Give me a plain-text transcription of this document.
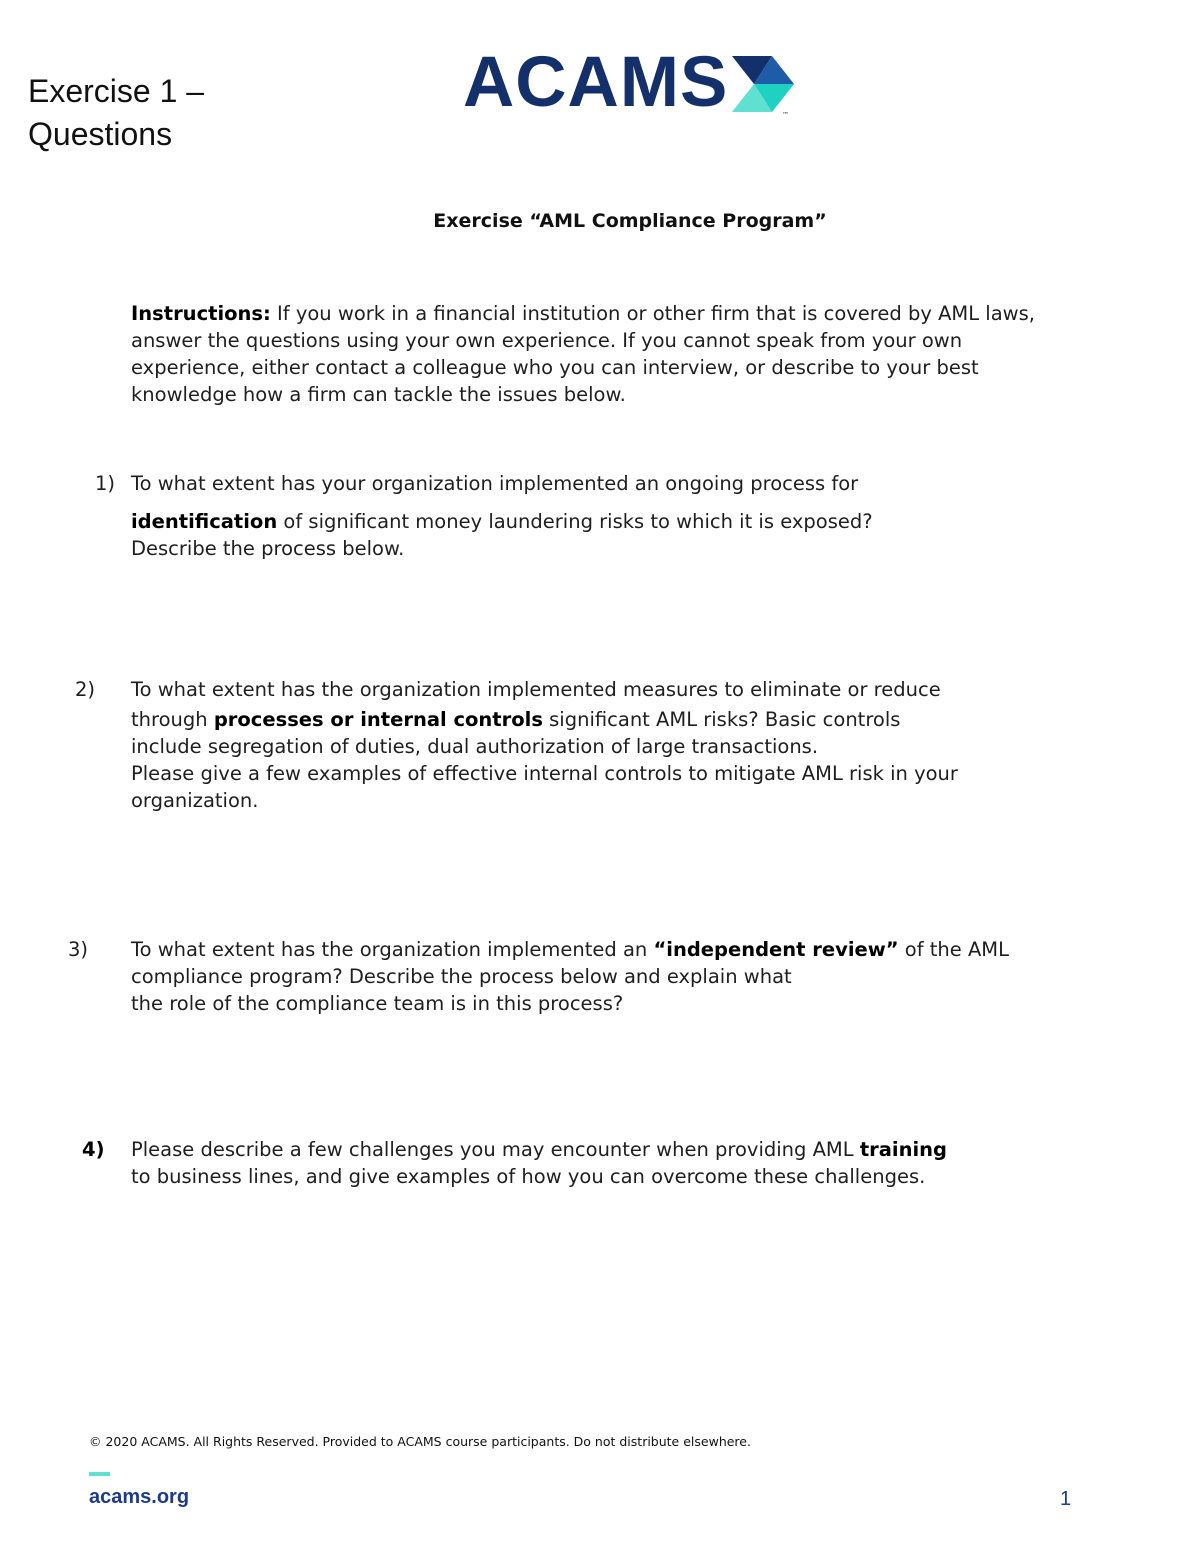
Exercise 1 –
Questions
ACAMS	™
Exercise “AML Compliance Program”
Instructions: If you work in a financial institution or other firm that is covered by AML laws, answer the questions using your own experience. If you cannot speak from your own experience, either contact a colleague who you can interview, or describe to your best knowledge how a firm can tackle the issues below.
1) To what extent has your organization implemented an ongoing process for
identification of significant money laundering risks to which it is exposed?
Describe the process below.
2) To what extent has the organization implemented measures to eliminate or reduce
through processes or internal controls significant AML risks? Basic controls
include segregation of duties, dual authorization of large transactions.
Please give a few examples of effective internal controls to mitigate AML risk in your organization.
3) To what extent has the organization implemented an “independent review” of the AML compliance program? Describe the process below and explain what
the role of the compliance team is in this process?
4) Please describe a few challenges you may encounter when providing AML training
to business lines, and give examples of how you can overcome these challenges.
© 2020 ACAMS. All Rights Reserved. Provided to ACAMS course participants. Do not distribute elsewhere.
acams.org	1
